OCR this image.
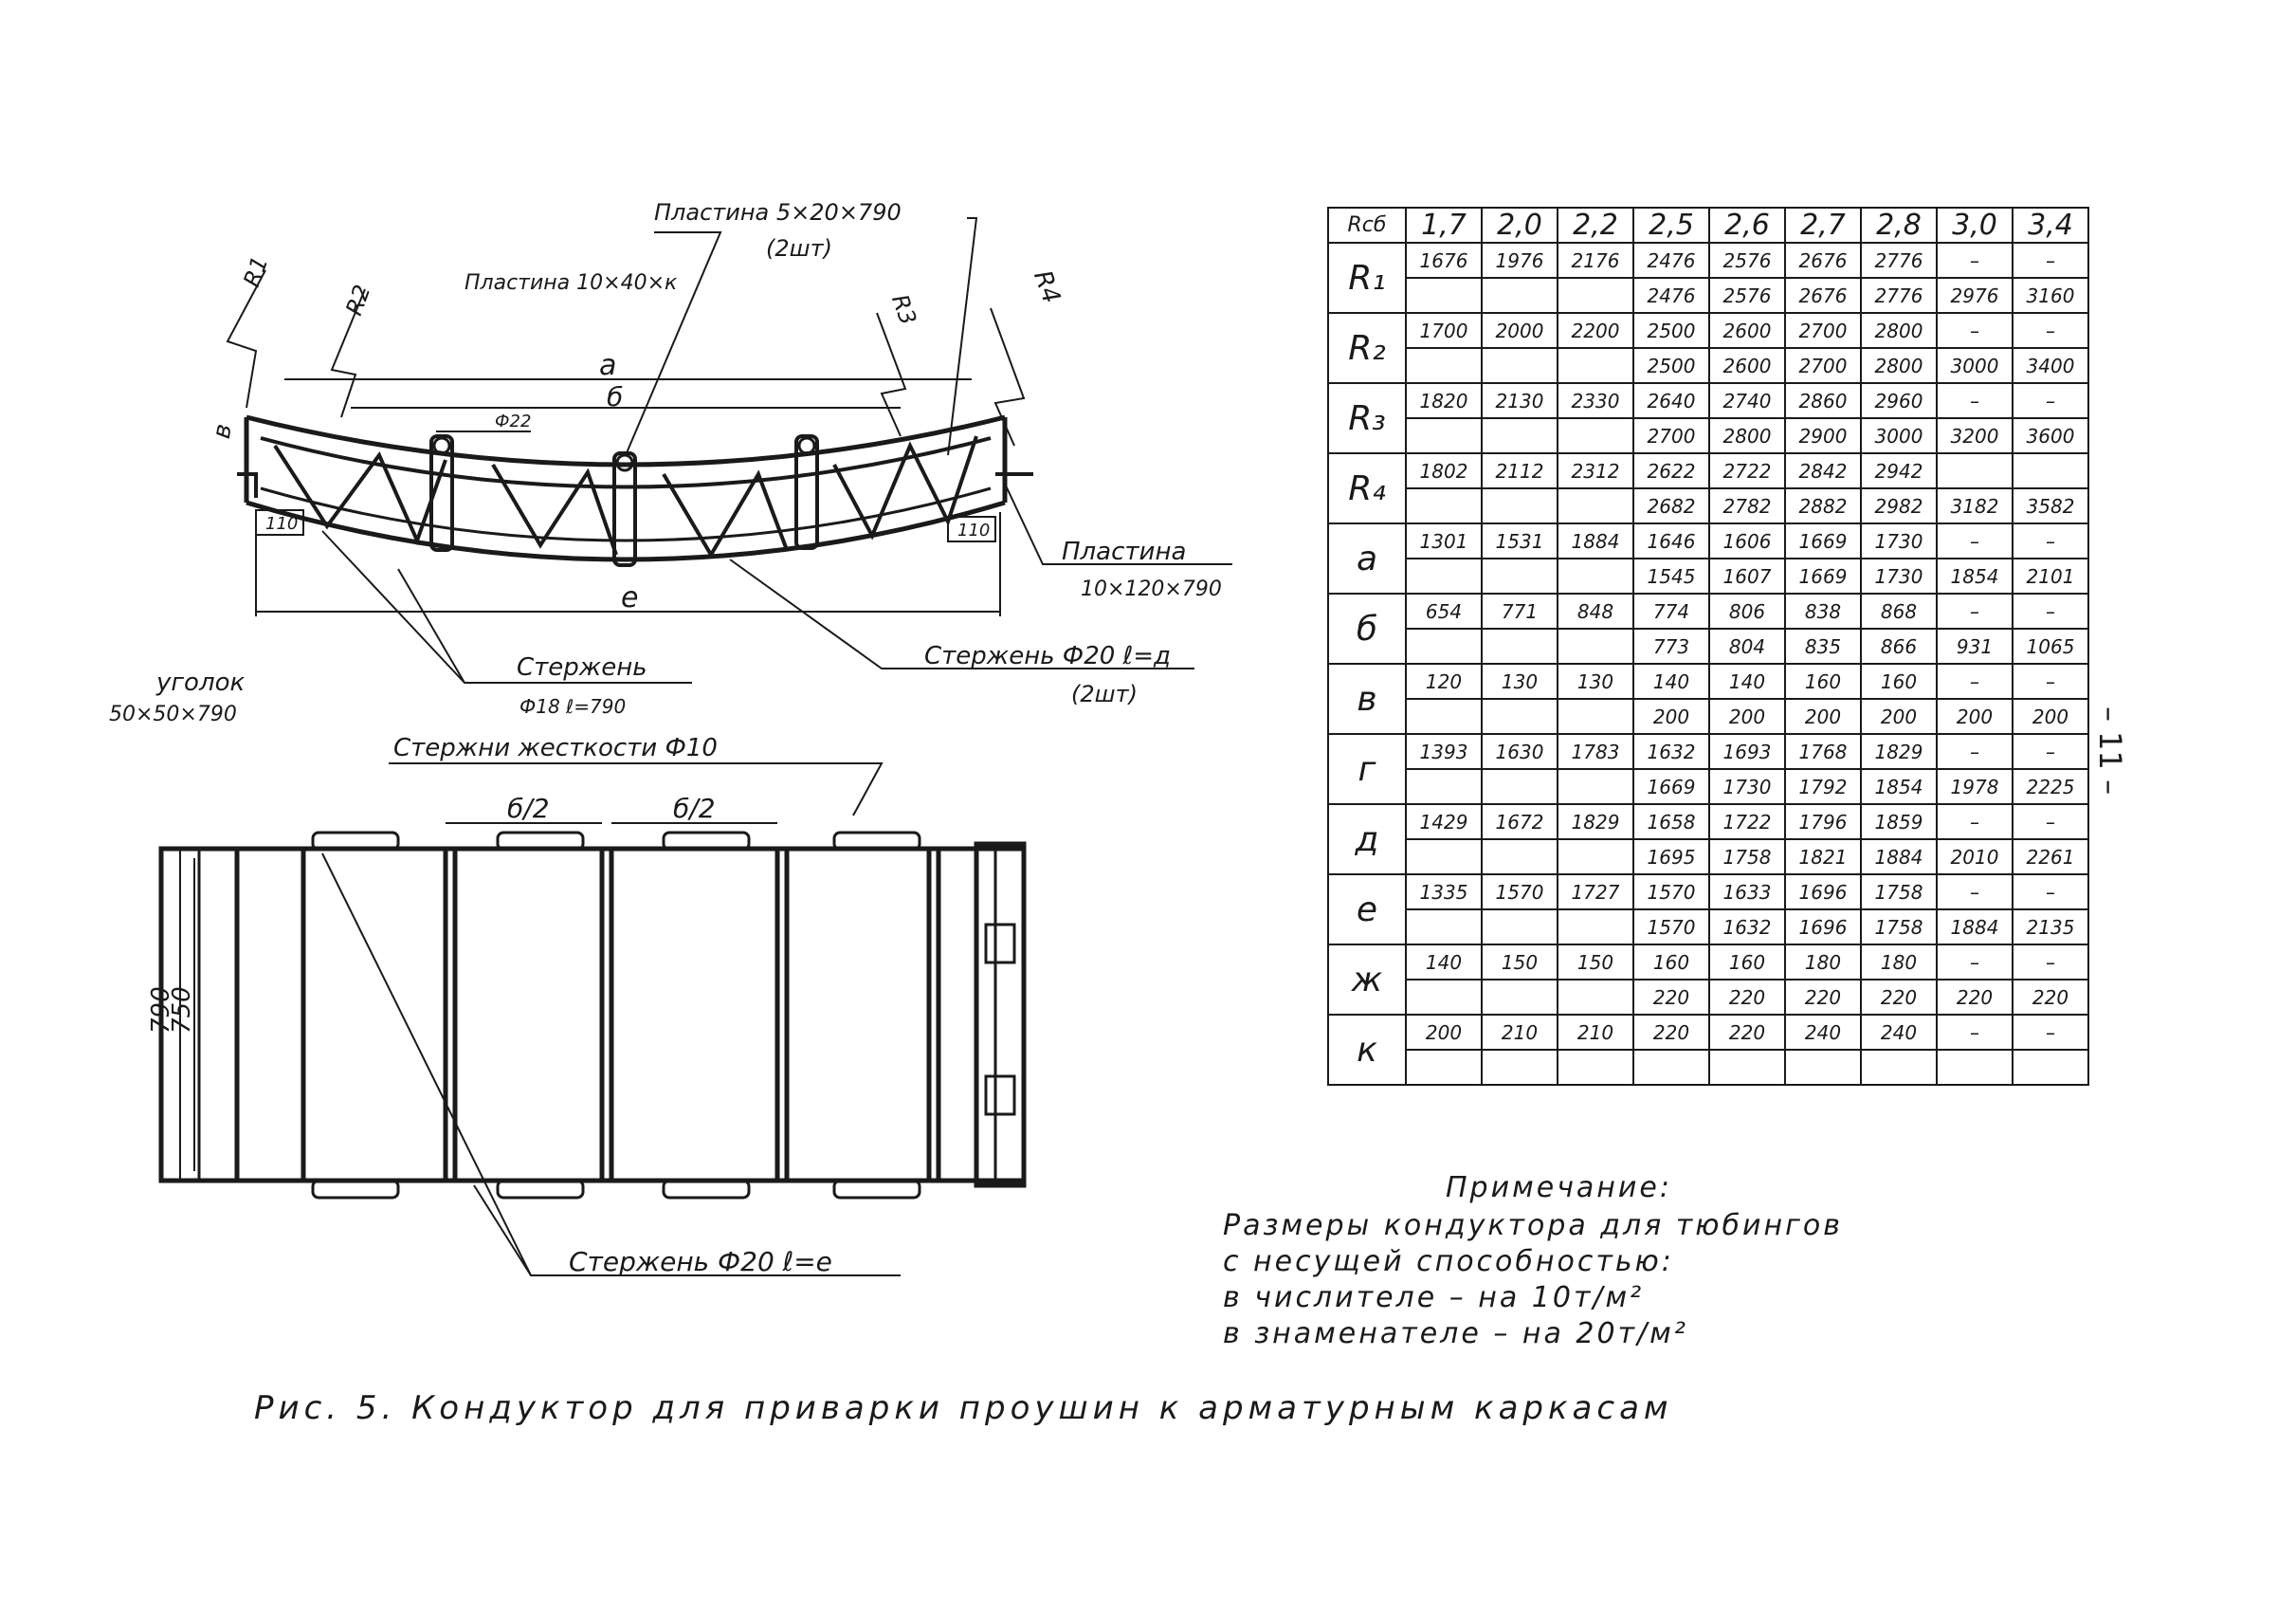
Пластина 5×20×790
(2шт)
Пластина 10×40×к
Пластина
10×120×790
Стержень Ф20 ℓ=д
(2шт)
Стержень
Ф18 ℓ=790
уголок
50×50×790
Стержни жесткости Ф10
Стержень Ф20 ℓ=е
R1
R2	R3
R4
а
б
в
е
Ф22
110	110
б/2	б/2
790
750
Rсб	1,7	2,0	2,2	2,5	2,6	2,7	2,8	3,0	3,4
R₁	1676	1976	2176	2476	2576	2676	2776	–	–
				2476	2576	2676	2776	2976	3160
R₂	1700	2000	2200	2500	2600	2700	2800	–	–
				2500	2600	2700	2800	3000	3400
R₃	1820	2130	2330	2640	2740	2860	2960	–	–
				2700	2800	2900	3000	3200	3600
R₄	1802	2112	2312	2622	2722	2842	2942		
				2682	2782	2882	2982	3182	3582
а	1301	1531	1884	1646	1606	1669	1730	–	–
				1545	1607	1669	1730	1854	2101
б	654	771	848	774	806	838	868	–	–
				773	804	835	866	931	1065
в	120	130	130	140	140	160	160	–	–
				200	200	200	200	200	200
г	1393	1630	1783	1632	1693	1768	1829	–	–
				1669	1730	1792	1854	1978	2225
д	1429	1672	1829	1658	1722	1796	1859	–	–
				1695	1758	1821	1884	2010	2261
е	1335	1570	1727	1570	1633	1696	1758	–	–
				1570	1632	1696	1758	1884	2135
ж	140	150	150	160	160	180	180	–	–
				220	220	220	220	220	220
к	200	210	210	220	220	240	240	–	–

Примечание:
Размеры кондуктора для тюбингов
с несущей способностью:
в числителе – на 10т/м²
в знаменателе – на 20т/м²
Рис. 5. Кондуктор для приварки проушин к арматурным каркасам
– 11 –
